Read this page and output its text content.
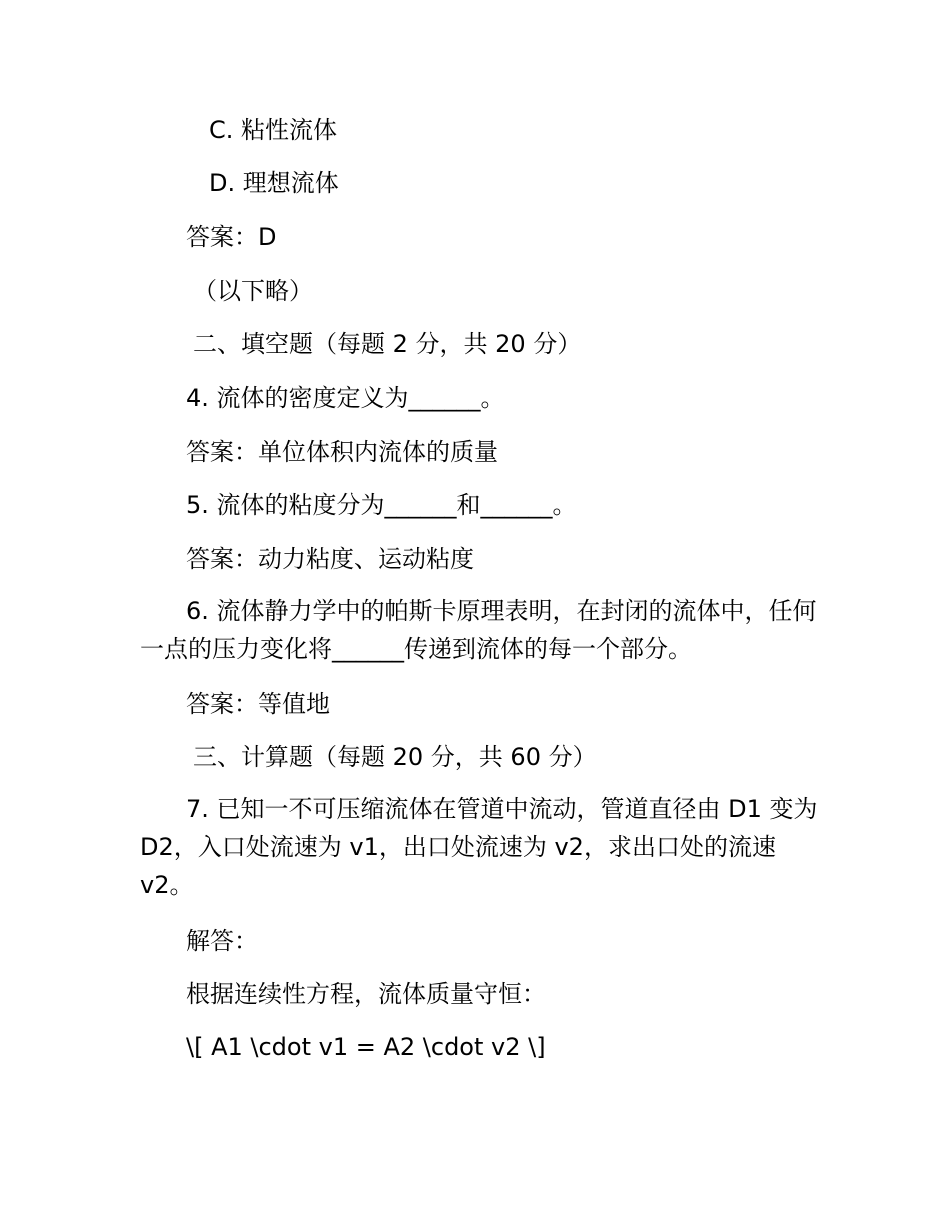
C. 粘性流体

D. 理想流体

答案：D

（以下略）

二、填空题（每题 2 分，共 20 分）

4. 流体的密度定义为______。

答案：单位体积内流体的质量

5. 流体的粘度分为______和______。

答案：动力粘度、运动粘度

6. 流体静力学中的帕斯卡原理表明，在封闭的流体中，任何一点的压力变化将______传递到流体的每一个部分。

答案：等值地

三、计算题（每题 20 分，共 60 分）

7. 已知一不可压缩流体在管道中流动，管道直径由 D1 变为 D2，入口处流速为 v1，出口处流速为 v2，求出口处的流速 v2。

解答：

根据连续性方程，流体质量守恒：

\[ A1 \cdot v1 = A2 \cdot v2 \]
